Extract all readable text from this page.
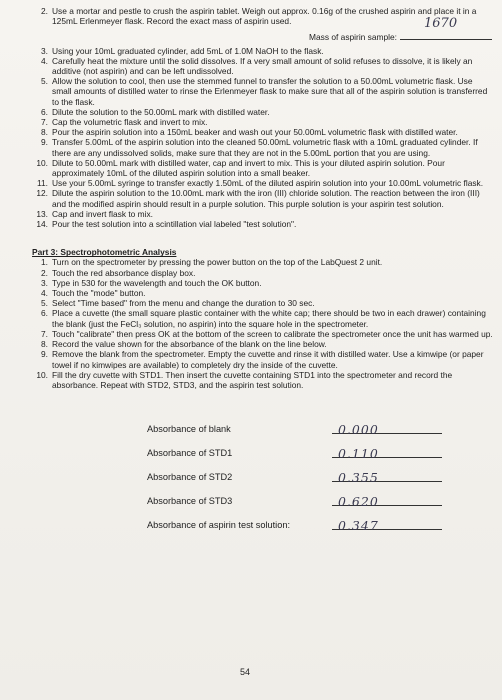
2. Use a mortar and pestle to crush the aspirin tablet. Weigh out approx. 0.16g of the crushed aspirin and place it in a 125mL Erlenmeyer flask. Record the exact mass of aspirin used.
Mass of aspirin sample:
1670
3. Using your 10mL graduated cylinder, add 5mL of 1.0M NaOH to the flask.
4. Carefully heat the mixture until the solid dissolves. If a very small amount of solid refuses to dissolve, it is likely an additive (not aspirin) and can be left undissolved.
5. Allow the solution to cool, then use the stemmed funnel to transfer the solution to a 50.00mL volumetric flask. Use small amounts of distilled water to rinse the Erlenmeyer flask to make sure that all of the aspirin solution is transferred to the flask.
6. Dilute the solution to the 50.00mL mark with distilled water.
7. Cap the volumetric flask and invert to mix.
8. Pour the aspirin solution into a 150mL beaker and wash out your 50.00mL volumetric flask with distilled water.
9. Transfer 5.00mL of the aspirin solution into the cleaned 50.00mL volumetric flask with a 10mL graduated cylinder. If there are any undissolved solids, make sure that they are not in the 5.00mL portion that you are using.
10. Dilute to 50.00mL mark with distilled water, cap and invert to mix. This is your diluted aspirin solution. Pour approximately 10mL of the diluted aspirin solution into a small beaker.
11. Use your 5.00mL syringe to transfer exactly 1.50mL of the diluted aspirin solution into your 10.00mL volumetric flask.
12. Dilute the aspirin solution to the 10.00mL mark with the iron (III) chloride solution. The reaction between the iron (III) and the modified aspirin should result in a purple solution. This purple solution is your aspirin test solution.
13. Cap and invert flask to mix.
14. Pour the test solution into a scintillation vial labeled "test solution".
Part 3: Spectrophotometric Analysis
1. Turn on the spectrometer by pressing the power button on the top of the LabQuest 2 unit.
2. Touch the red absorbance display box.
3. Type in 530 for the wavelength and touch the OK button.
4. Touch the "mode" button.
5. Select "Time based" from the menu and change the duration to 30 sec.
6. Place a cuvette (the small square plastic container with the white cap; there should be two in each drawer) containing the blank (just the FeCl₃ solution, no aspirin) into the square hole in the spectrometer.
7. Touch "calibrate" then press OK at the bottom of the screen to calibrate the spectrometer once the unit has warmed up.
8. Record the value shown for the absorbance of the blank on the line below.
9. Remove the blank from the spectrometer. Empty the cuvette and rinse it with distilled water. Use a kimwipe (or paper towel if no kimwipes are available) to completely dry the inside of the cuvette.
10. Fill the dry cuvette with STD1. Then insert the cuvette containing STD1 into the spectrometer and record the absorbance. Repeat with STD2, STD3, and the aspirin test solution.
Absorbance of blank	0.000
Absorbance of STD1	0.110
Absorbance of STD2	0.355
Absorbance of STD3	0.620
Absorbance of aspirin test solution:	0.347
54
